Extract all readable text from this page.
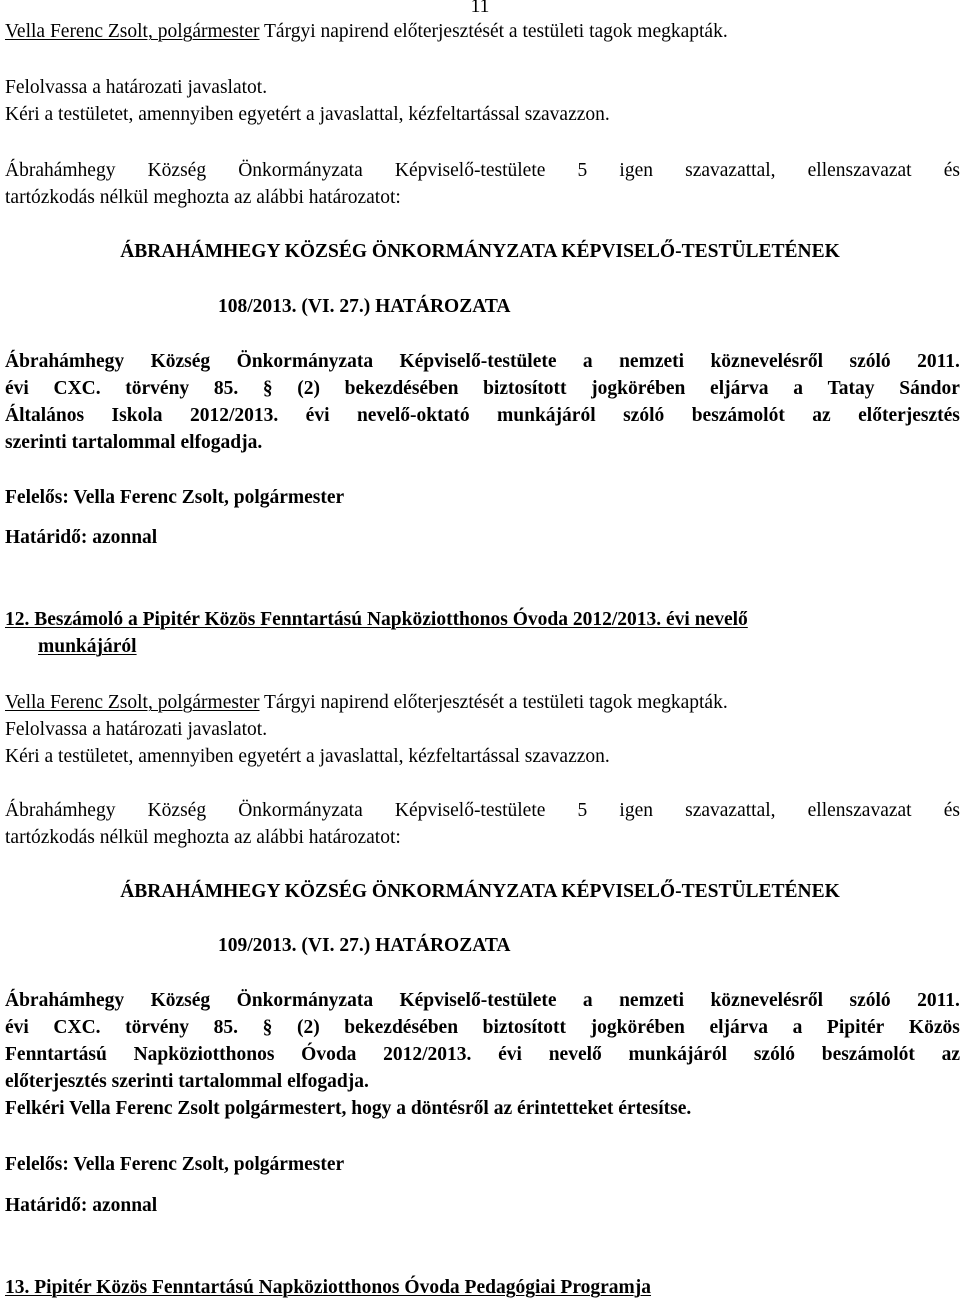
11
Vella Ferenc Zsolt, polgármester Tárgyi napirend előterjesztését a testületi tagok megkapták.
Felolvassa a határozati javaslatot.
Kéri a testületet, amennyiben egyetért a javaslattal, kézfeltartással szavazzon.
Ábrahámhegy Község Önkormányzata Képviselő-testülete 5 igen szavazattal, ellenszavazat és
tartózkodás nélkül meghozta az alábbi határozatot:
ÁBRAHÁMHEGY KÖZSÉG ÖNKORMÁNYZATA KÉPVISELŐ-TESTÜLETÉNEK
108/2013. (VI. 27.) HATÁROZATA
Ábrahámhegy Község Önkormányzata Képviselő-testülete a nemzeti köznevelésről szóló 2011.
évi CXC. törvény 85. § (2) bekezdésében biztosított jogkörében eljárva a Tatay Sándor
Általános Iskola 2012/2013. évi nevelő-oktató munkájáról szóló beszámolót az előterjesztés
szerinti tartalommal elfogadja.
Felelős: Vella Ferenc Zsolt, polgármester
Határidő: azonnal
12. Beszámoló a Pipitér Közös Fenntartású Napköziotthonos Óvoda 2012/2013. évi nevelő
munkájáról
Vella Ferenc Zsolt, polgármester Tárgyi napirend előterjesztését a testületi tagok megkapták.
Felolvassa a határozati javaslatot.
Kéri a testületet, amennyiben egyetért a javaslattal, kézfeltartással szavazzon.
Ábrahámhegy Község Önkormányzata Képviselő-testülete 5 igen szavazattal, ellenszavazat és
tartózkodás nélkül meghozta az alábbi határozatot:
ÁBRAHÁMHEGY KÖZSÉG ÖNKORMÁNYZATA KÉPVISELŐ-TESTÜLETÉNEK
109/2013. (VI. 27.) HATÁROZATA
Ábrahámhegy Község Önkormányzata Képviselő-testülete a nemzeti köznevelésről szóló 2011.
évi CXC. törvény 85. § (2) bekezdésében biztosított jogkörében eljárva a Pipitér Közös
Fenntartású Napköziotthonos Óvoda 2012/2013. évi nevelő munkájáról szóló beszámolót az
előterjesztés szerinti tartalommal elfogadja.
Felkéri Vella Ferenc Zsolt polgármestert, hogy a döntésről az érintetteket értesítse.
Felelős: Vella Ferenc Zsolt, polgármester
Határidő: azonnal
13. Pipitér Közös Fenntartású Napköziotthonos Óvoda Pedagógiai Programja
